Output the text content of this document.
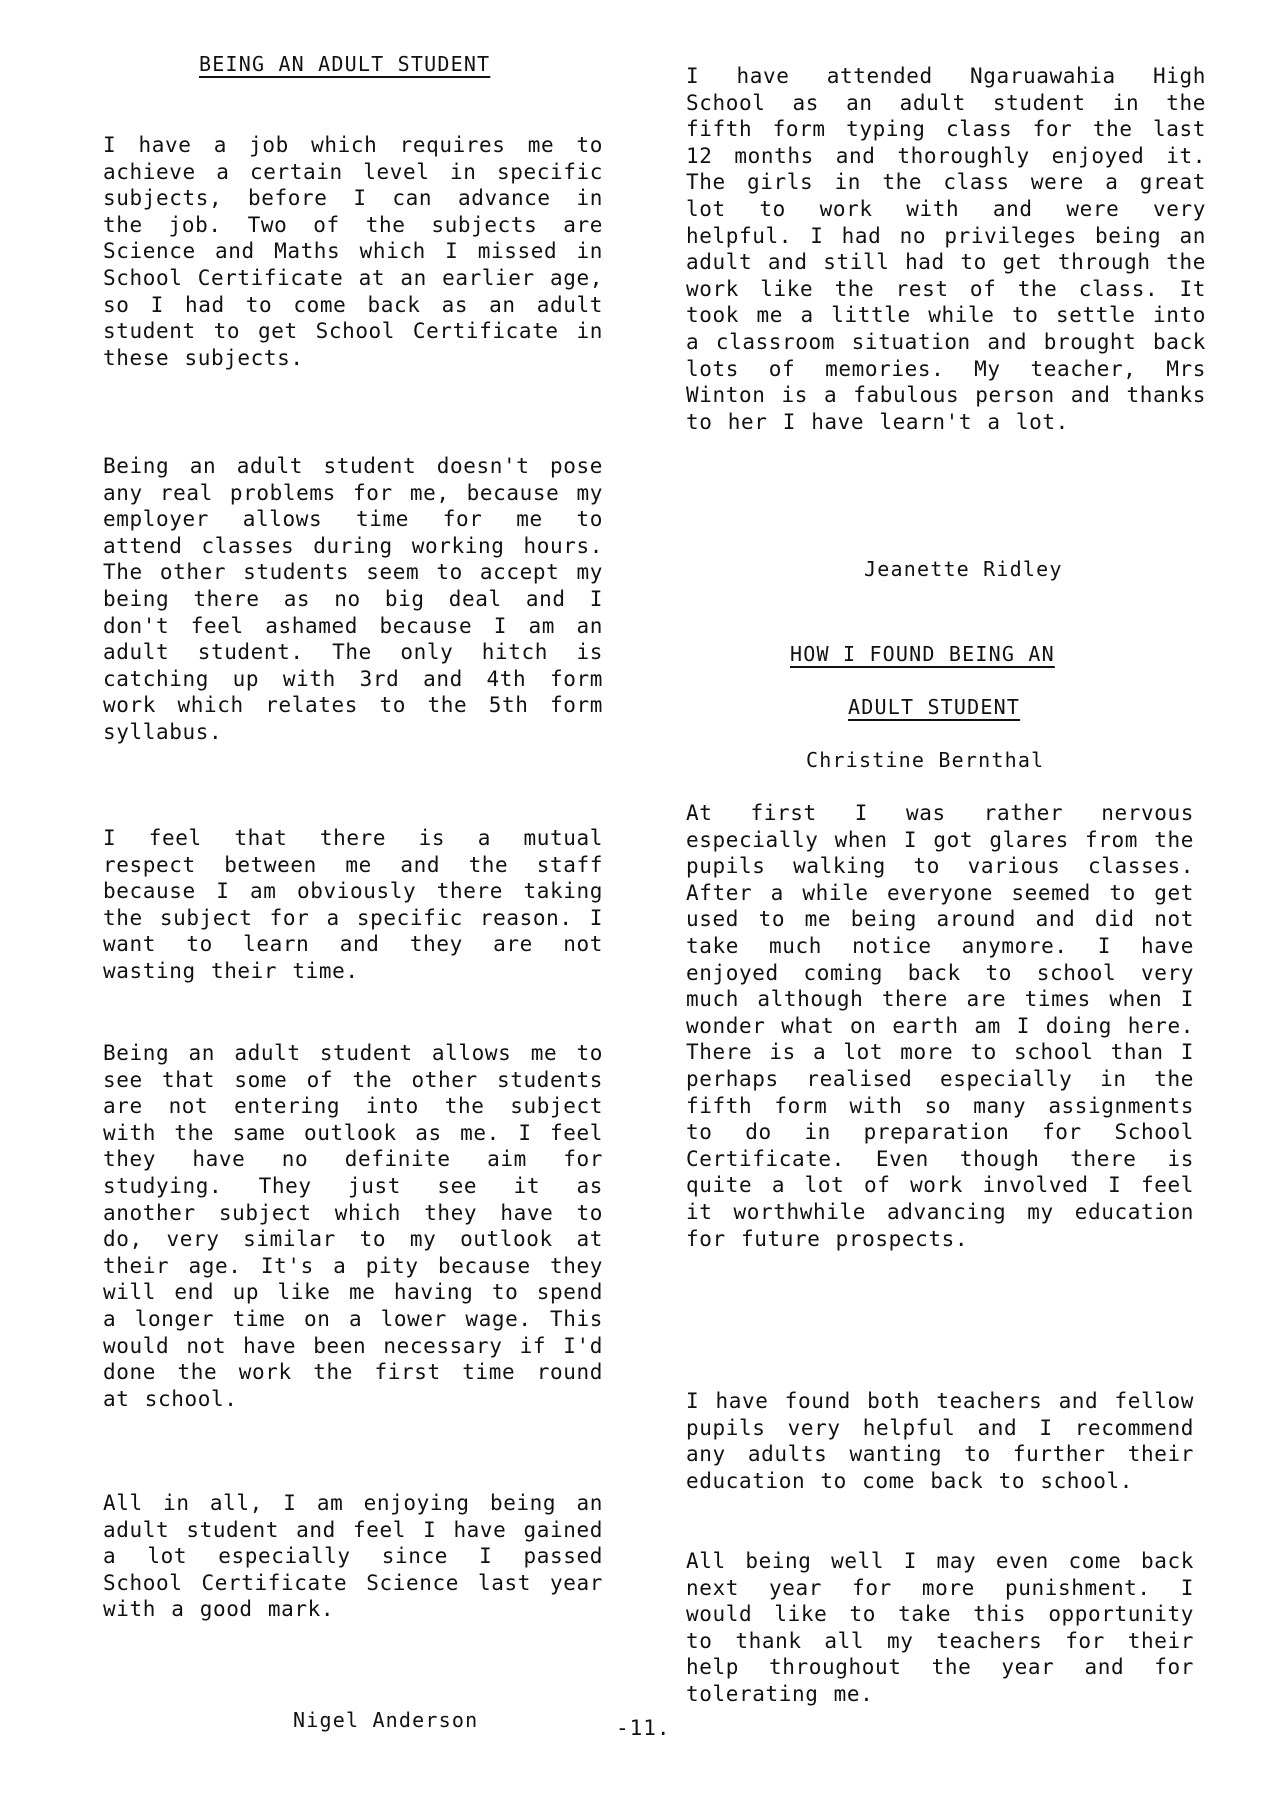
BEING AN ADULT STUDENT

I have a job which requires me to achieve a certain level in specific subjects, before I can advance in the job. Two of the subjects are Science and Maths which I missed in School Certificate at an earlier age, so I had to come back as an adult student to get School Certificate in these subjects.

Being an adult student doesn't pose any real problems for me, because my employer allows time for me to attend classes during working hours. The other students seem to accept my being there as no big deal and I don't feel ashamed because I am an adult student. The only hitch is catching up with 3rd and 4th form work which relates to the 5th form syllabus.

I feel that there is a mutual respect between me and the staff because I am obviously there taking the subject for a specific reason. I want to learn and they are not wasting their time.

Being an adult student allows me to see that some of the other students are not entering into the subject with the same outlook as me. I feel they have no definite aim for studying. They just see it as another subject which they have to do, very similar to my outlook at their age. It's a pity because they will end up like me having to spend a longer time on a lower wage. This would not have been necessary if I'd done the work the first time round at school.

All in all, I am enjoying being an adult student and feel I have gained a lot especially since I passed School Certificate Science last year with a good mark.

Nigel Anderson	-11.

I have attended Ngaruawahia High School as an adult student in the fifth form typing class for the last 12 months and thoroughly enjoyed it. The girls in the class were a great lot to work with and were very helpful. I had no privileges being an adult and still had to get through the work like the rest of the class. It took me a little while to settle into a classroom situation and brought back lots of memories. My teacher, Mrs Winton is a fabulous person and thanks to her I have learn't a lot.

Jeanette Ridley
HOW I FOUND BEING AN
ADULT STUDENT
Christine Bernthal

At first I was rather nervous especially when I got glares from the pupils walking to various classes. After a while everyone seemed to get used to me being around and did not take much notice anymore. I have enjoyed coming back to school very much although there are times when I wonder what on earth am I doing here. There is a lot more to school than I perhaps realised especially in the fifth form with so many assignments to do in preparation for School Certificate. Even though there is quite a lot of work involved I feel it worthwhile advancing my education for future prospects.

I have found both teachers and fellow pupils very helpful and I recommend any adults wanting to further their education to come back to school.

All being well I may even come back next year for more punishment. I would like to take this opportunity to thank all my teachers for their help throughout the year and for tolerating me.
